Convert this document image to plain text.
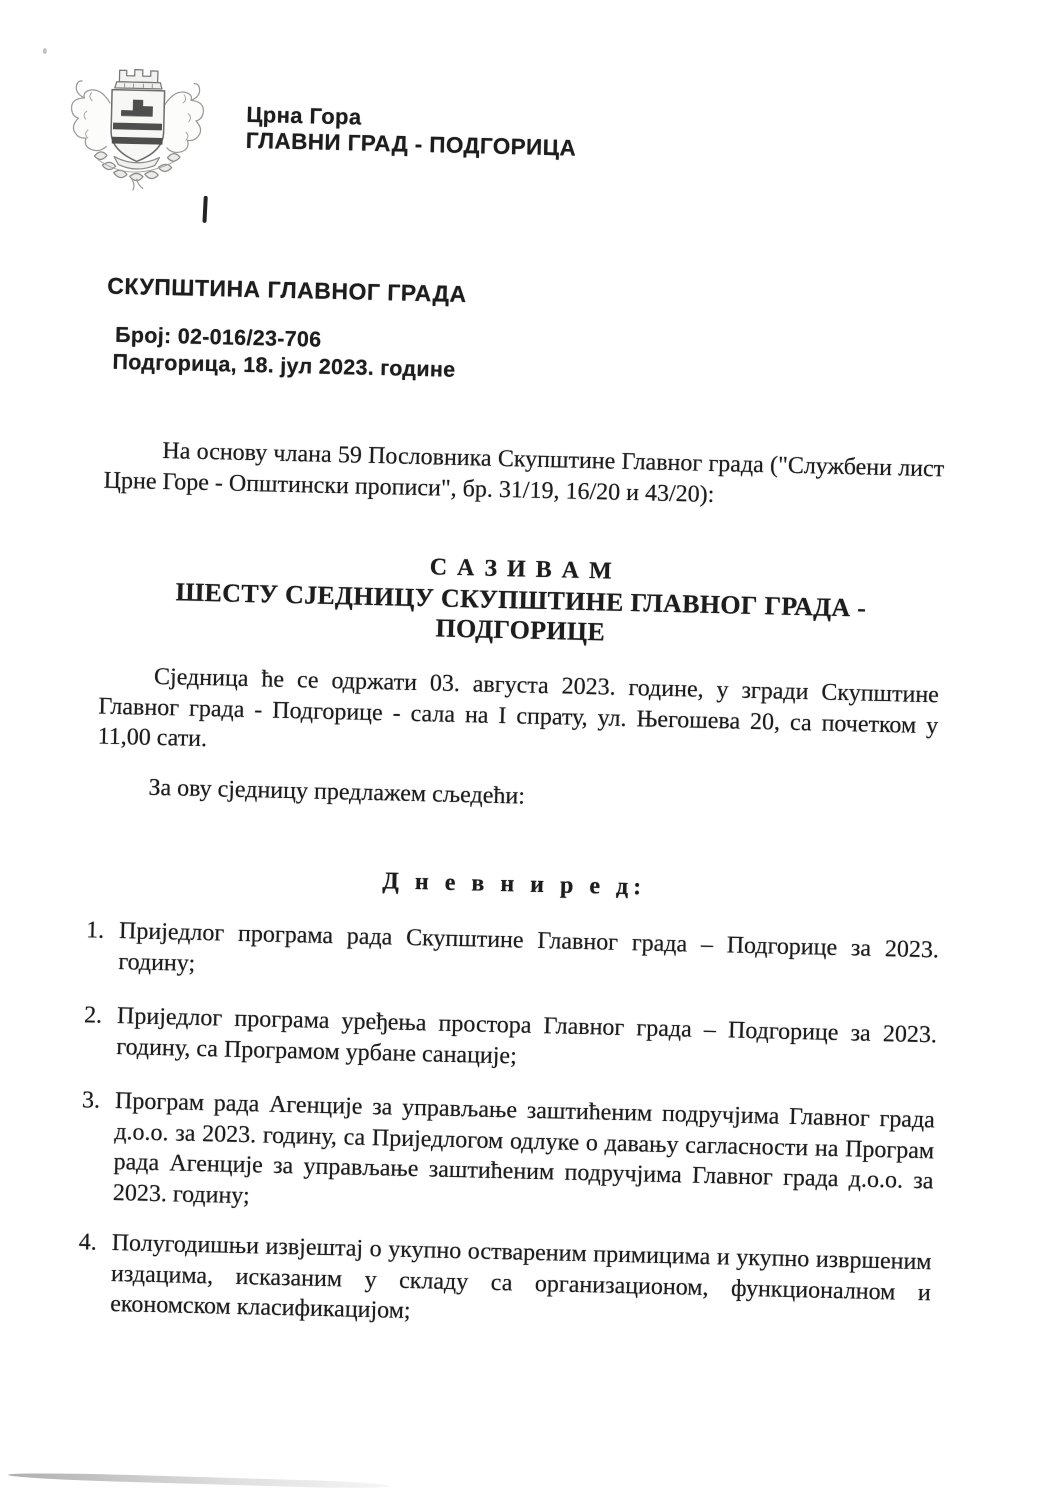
Црна Гора
ГЛАВНИ ГРАД - ПОДГОРИЦА
СКУПШТИНА ГЛАВНОГ ГРАДА
Број: 02-016/23-706
Подгорица, 18. јул 2023. године
На основу члана 59 Пословника Скупштине Главног града ("Службени лист Црне Горе - Општински прописи", бр. 31/19, 16/20 и 43/20):
С А З И В А М
ШЕСТУ СЈЕДНИЦУ СКУПШТИНЕ ГЛАВНОГ ГРАДА - ПОДГОРИЦЕ
Сједница ће се одржати 03. августа 2023. године, у згради Скупштине Главног града - Подгорице - сала на I спрату, ул. Његошева 20, са почетком у 11,00 сати.
За ову сједницу предлажем сљедећи:
Д н е в н и р е д:
1. Приједлог програма рада Скупштине Главног града – Подгорице за 2023. годину;
2. Приједлог програма уређења простора Главног града – Подгорице за 2023. годину, са Програмом урбане санације;
3. Програм рада Агенције за управљање заштићеним подручјима Главног града д.о.о. за 2023. годину, са Приједлогом одлуке о давању сагласности на Програм рада Агенције за управљање заштићеним подручјима Главног града д.о.о. за 2023. годину;
4. Полугодишњи извјештај о укупно оствареним примицима и укупно извршеним издацима, исказаним у складу са организационом, функционалном и економском класификацијом;
